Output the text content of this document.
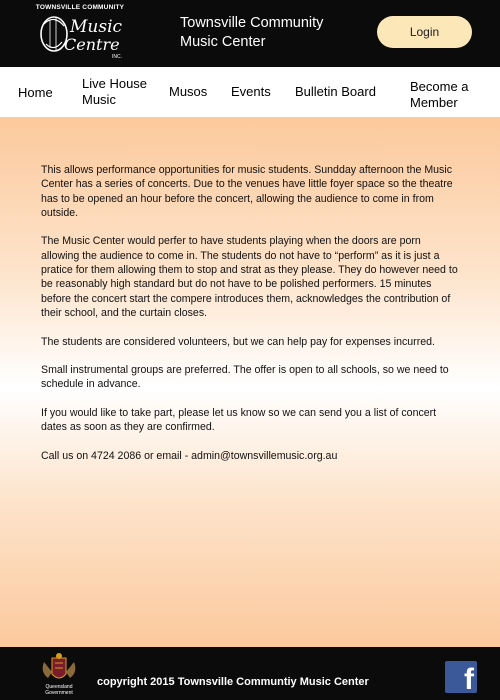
TOWNSVILLE COMMUNITY
Music
Centre
INC.
Townsville Community Music Center
Login
Home
Live House Music
Musos Events Bulletin Board	Become a Member

This allows performance opportunities for music students. Sundday afternoon the Music Center has a series of concerts. Due to the venues have little foyer space so the theatre has to be opened an hour before the concert, allowing the audience to come in from outside.

The Music Center would perfer to have students playing when the doors are porn allowing the audience to come in. The students do not have to “perform” as it is just a pratice for them allowing them to stop and strat as they please. They do however need to be reasonably high standard but do not have to be polished performers. 15 minutes before the concert start the compere introduces them, acknowledges the contribution of their school, and the curtain closes.

The students are considered volunteers, but we can help pay for expenses incurred.

Small instrumental groups are preferred. The offer is open to all schools, so we need to schedule in advance.

If you would like to take part, please let us know so we can send you a list of concert dates as soon as they are confirmed.

Call us on 4724 2086 or email - admin@townsvillemusic.org.au

Queensland
Government
copyright 2015 Townsville Communtiy Music Center	f
